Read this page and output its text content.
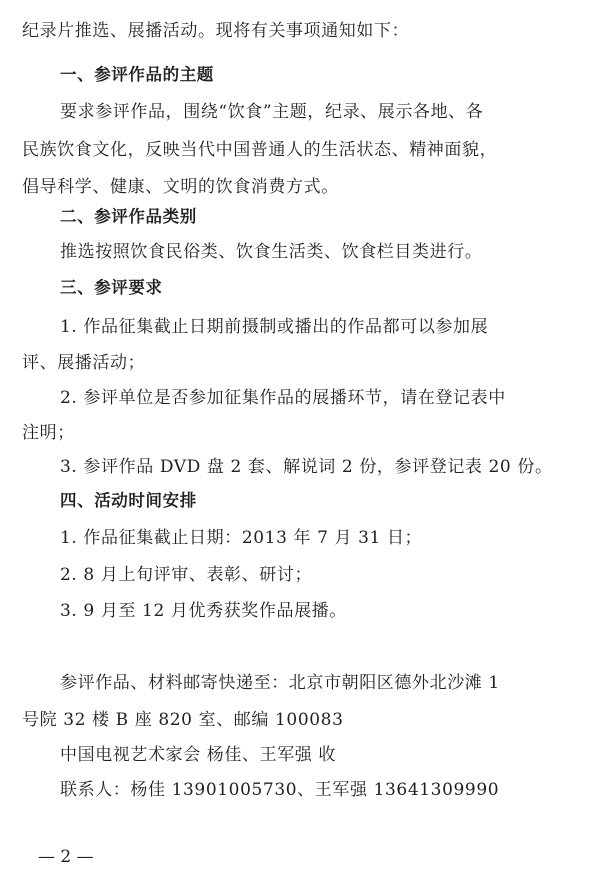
纪录片推选、展播活动。现将有关事项通知如下：
一、参评作品的主题
要求参评作品，围绕“饮食”主题，纪录、展示各地、各
民族饮食文化，反映当代中国普通人的生活状态、精神面貌，
倡导科学、健康、文明的饮食消费方式。
二、参评作品类别
推选按照饮食民俗类、饮食生活类、饮食栏目类进行。
三、参评要求
1. 作品征集截止日期前摄制或播出的作品都可以参加展
评、展播活动；
2. 参评单位是否参加征集作品的展播环节，请在登记表中
注明；
3. 参评作品 DVD 盘 2 套、解说词 2 份，参评登记表 20 份。
四、活动时间安排
1. 作品征集截止日期：2013 年 7 月 31 日；
2. 8 月上旬评审、表彰、研讨；
3. 9 月至 12 月优秀获奖作品展播。
参评作品、材料邮寄快递至：北京市朝阳区德外北沙滩 1
号院 32 楼 B 座 820 室、邮编 100083
中国电视艺术家会 杨佳、王军强 收
联系人：杨佳 13901005730、王军强 13641309990
— 2 —
